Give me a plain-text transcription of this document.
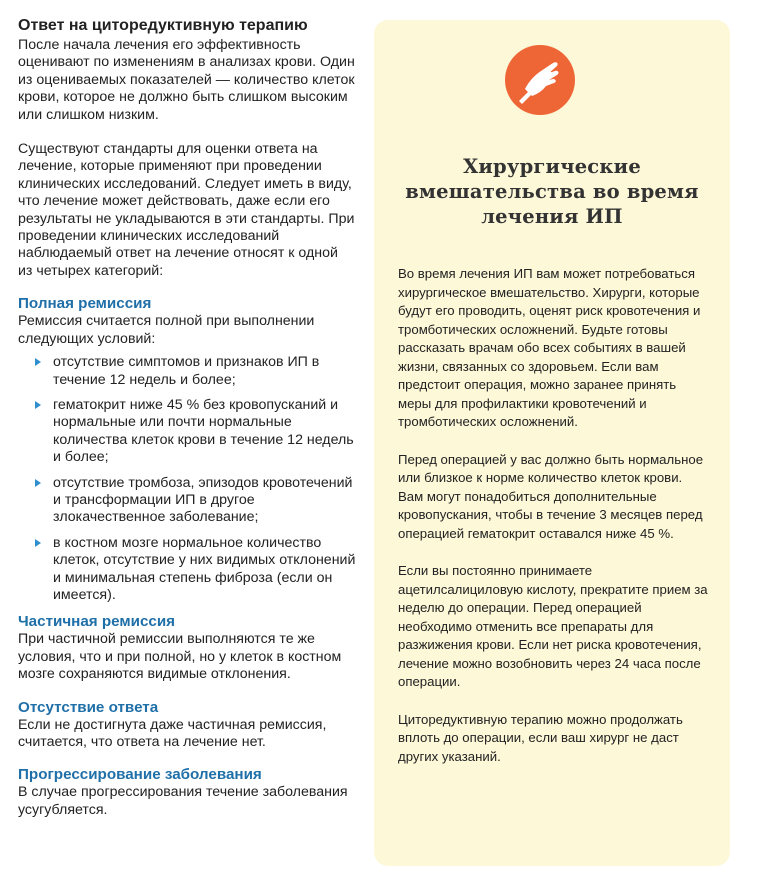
Ответ на циторедуктивную терапию

После начала лечения его эффективность оценивают по изменениям в анализах крови. Один из оцениваемых показателей — количество клеток крови, которое не должно быть слишком высоким или слишком низким.

Существуют стандарты для оценки ответа на лечение, которые применяют при проведении клинических исследований. Следует иметь в виду, что лечение может действовать, даже если его результаты не укладываются в эти стандарты. При проведении клинических исследований наблюдаемый ответ на лечение относят к одной из четырех категорий:

Полная ремиссия

Ремиссия считается полной при выполнении следующих условий:

отсутствие симптомов и признаков ИП в течение 12 недель и более;
гематокрит ниже 45 % без кровопусканий и нормальные или почти нормальные количества клеток крови в течение 12 недель и более;
отсутствие тромбоза, эпизодов кровотечений и трансформации ИП в другое злокачественное заболевание;
в костном мозге нормальное количество клеток, отсутствие у них видимых отклонений и минимальная степень фиброза (если он имеется).
Частичная ремиссия

При частичной ремиссии выполняются те же условия, что и при полной, но у клеток в костном мозге сохраняются видимые отклонения.

Отсутствие ответа

Если не достигнута даже частичная ремиссия, считается, что ответа на лечение нет.

Прогрессирование заболевания

В случае прогрессирования течение заболевания усугубляется.

Хирургические вмешательства во время лечения ИП

Во время лечения ИП вам может потребоваться хирургическое вмешательство. Хирурги, которые будут его проводить, оценят риск кровотечения и тромботических осложнений. Будьте готовы рассказать врачам обо всех событиях в вашей жизни, связанных со здоровьем. Если вам предстоит операция, можно заранее принять меры для профилактики кровотечений и тромботических осложнений.

Перед операцией у вас должно быть нормальное или близкое к норме количество клеток крови. Вам могут понадобиться дополнительные кровопускания, чтобы в течение 3 месяцев перед операцией гематокрит оставался ниже 45 %.

Если вы постоянно принимаете ацетилсалициловую кислоту, прекратите прием за неделю до операции. Перед операцией необходимо отменить все препараты для разжижения крови. Если нет риска кровотечения, лечение можно возобновить через 24 часа после операции.

Циторедуктивную терапию можно продолжать вплоть до операции, если ваш хирург не даст других указаний.
